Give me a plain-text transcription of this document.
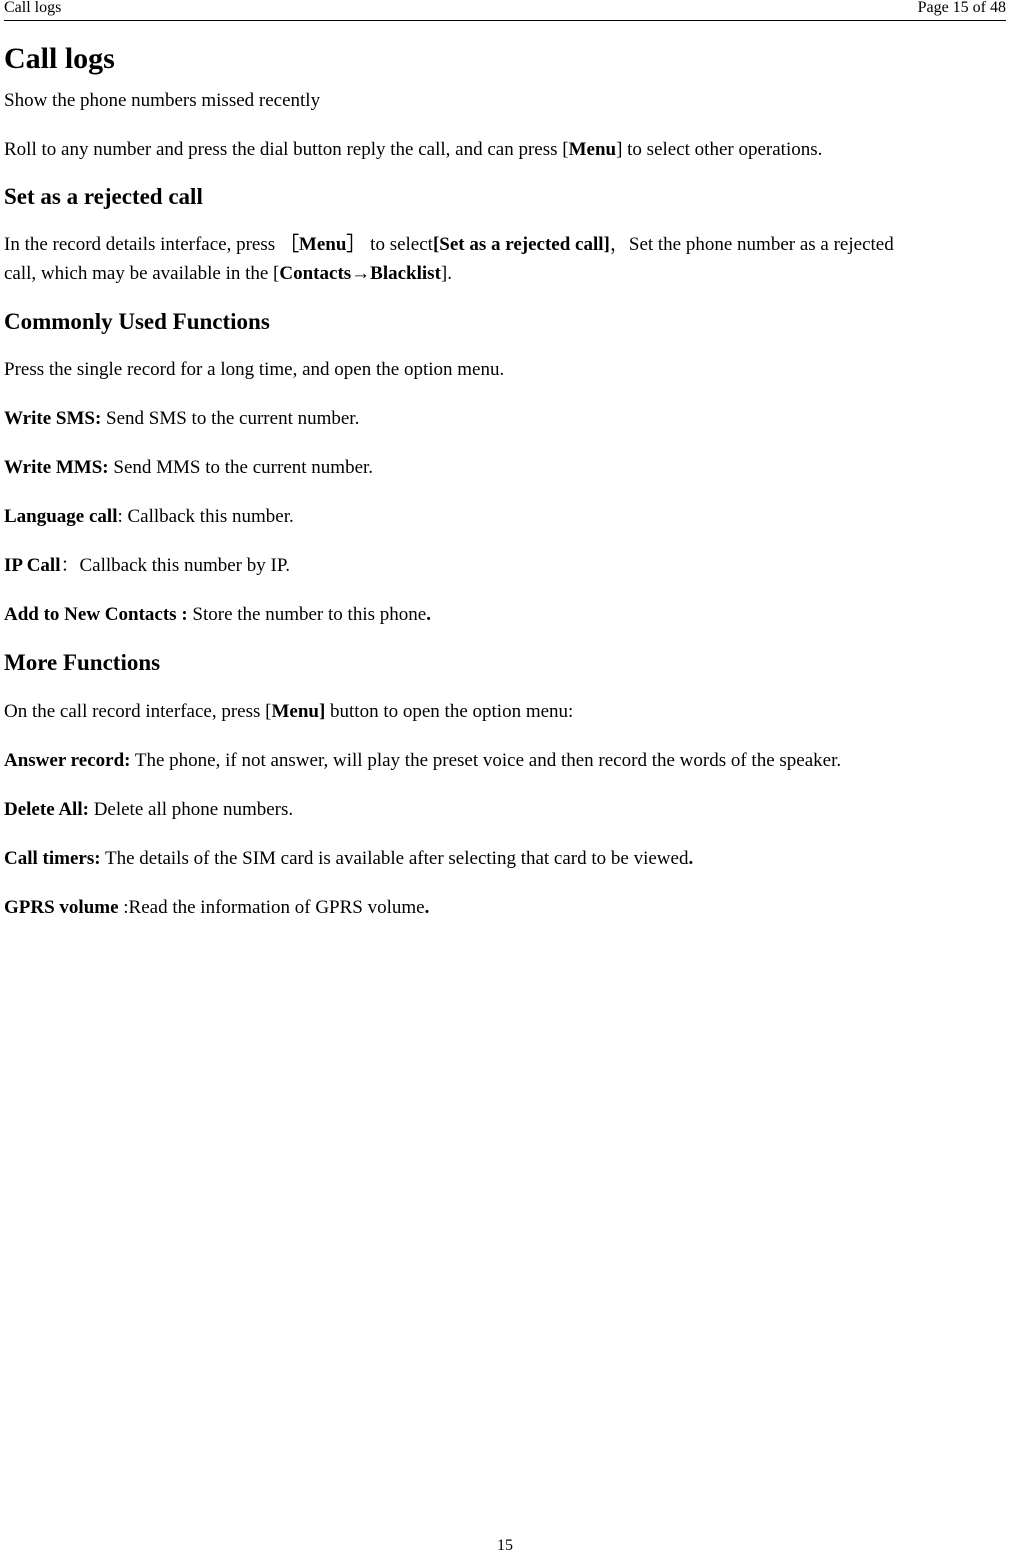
Call logs	Page 15 of 48
Call logs

Show the phone numbers missed recently

Roll to any number and press the dial button reply the call, and can press [Menu] to select other operations.

Set as a rejected call

In the record details interface, press ［Menu］ to select[Set as a rejected call]，Set the phone number as a rejected
call, which may be available in the [Contacts→Blacklist].

Commonly Used Functions

Press the single record for a long time, and open the option menu.

Write SMS: Send SMS to the current number.

Write MMS: Send MMS to the current number.

Language call: Callback this number.

IP Call：Callback this number by IP.

Add to New Contacts : Store the number to this phone.

More Functions

On the call record interface, press [Menu] button to open the option menu:

Answer record: The phone, if not answer, will play the preset voice and then record the words of the speaker.

Delete All: Delete all phone numbers.

Call timers: The details of the SIM card is available after selecting that card to be viewed.

GPRS volume :Read the information of GPRS volume.

15
